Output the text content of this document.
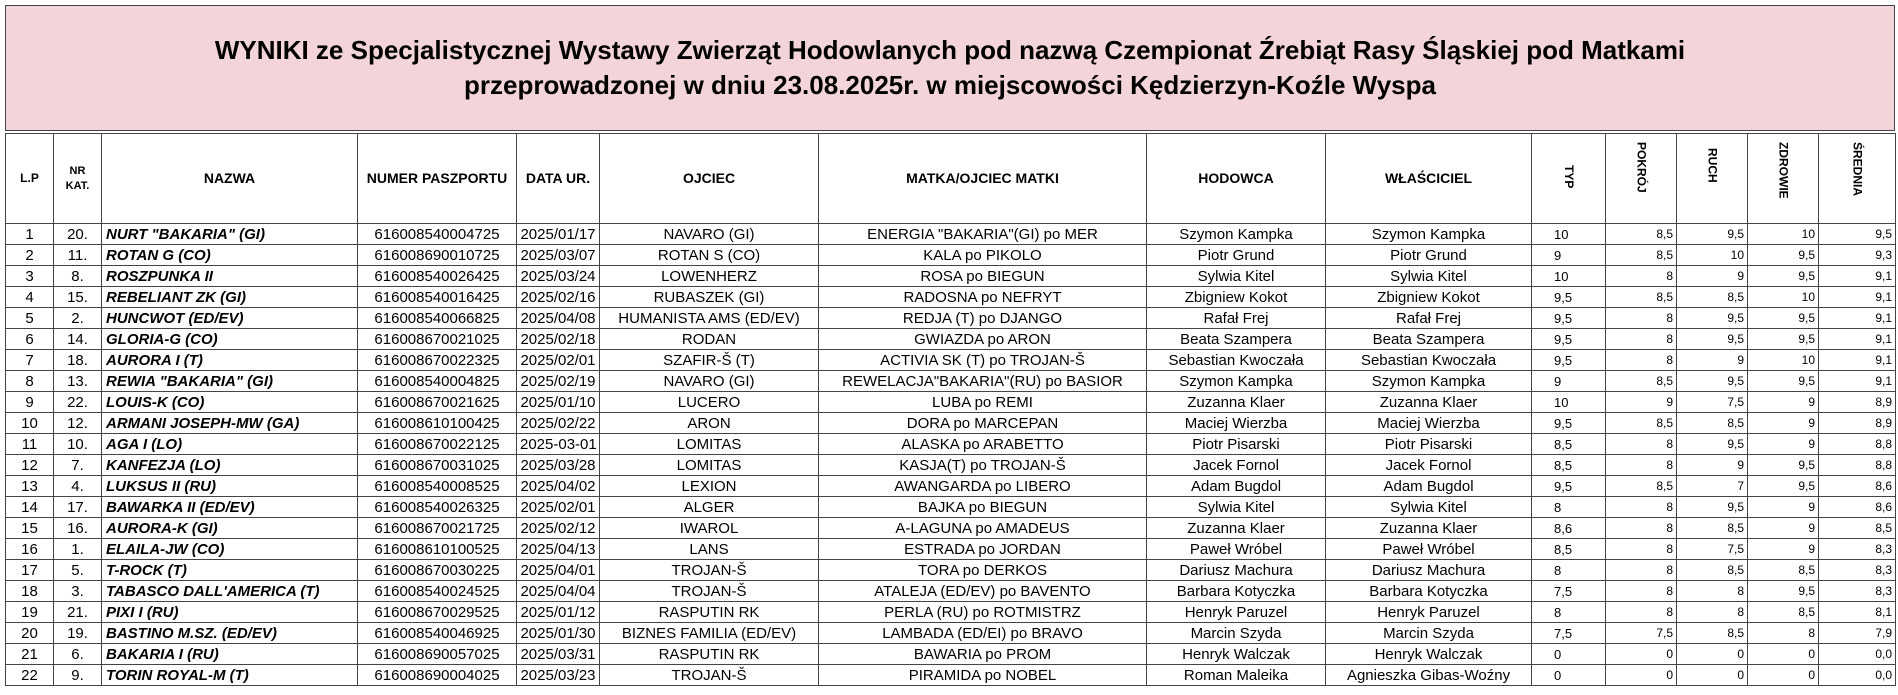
WYNIKI ze Specjalistycznej Wystawy Zwierząt Hodowlanych pod nazwą Czempionat Źrebiąt Rasy Śląskiej pod Matkami
przeprowadzonej w dniu 23.08.2025r. w miejscowości Kędzierzyn-Koźle Wyspa
L.P	NR KAT.	NAZWA	NUMER PASZPORTU	DATA UR.	OJCIEC	MATKA/OJCIEC MATKI	HODOWCA	WŁAŚCICIEL	TYP	POKRÓJ	RUCH	ZDROWIE	ŚREDNIA
1	20.	NURT "BAKARIA" (GI)	616008540004725	2025/01/17	NAVARO (GI)	ENERGIA "BAKARIA"(GI) po MER	Szymon Kampka	Szymon Kampka	10	8,5	9,5	10	9,5
2	11.	ROTAN G (CO)	616008690010725	2025/03/07	ROTAN S (CO)	KALA po PIKOLO	Piotr Grund	Piotr Grund	9	8,5	10	9,5	9,3
3	8.	ROSZPUNKA II	616008540026425	2025/03/24	LOWENHERZ	ROSA po BIEGUN	Sylwia Kitel	Sylwia Kitel	10	8	9	9,5	9,1
4	15.	REBELIANT ZK (GI)	616008540016425	2025/02/16	RUBASZEK (GI)	RADOSNA po NEFRYT	Zbigniew Kokot	Zbigniew Kokot	9,5	8,5	8,5	10	9,1
5	2.	HUNCWOT (ED/EV)	616008540066825	2025/04/08	HUMANISTA AMS (ED/EV)	REDJA (T) po DJANGO	Rafał Frej	Rafał Frej	9,5	8	9,5	9,5	9,1
6	14.	GLORIA-G (CO)	616008670021025	2025/02/18	RODAN	GWIAZDA po ARON	Beata Szampera	Beata Szampera	9,5	8	9,5	9,5	9,1
7	18.	AURORA I (T)	616008670022325	2025/02/01	SZAFIR-Š (T)	ACTIVIA SK (T) po TROJAN-Š	Sebastian Kwoczała	Sebastian Kwoczała	9,5	8	9	10	9,1
8	13.	REWIA "BAKARIA" (GI)	616008540004825	2025/02/19	NAVARO (GI)	REWELACJA"BAKARIA"(RU) po BASIOR	Szymon Kampka	Szymon Kampka	9	8,5	9,5	9,5	9,1
9	22.	LOUIS-K (CO)	616008670021625	2025/01/10	LUCERO	LUBA po REMI	Zuzanna Klaer	Zuzanna Klaer	10	9	7,5	9	8,9
10	12.	ARMANI JOSEPH-MW (GA)	616008610100425	2025/02/22	ARON	DORA po MARCEPAN	Maciej Wierzba	Maciej Wierzba	9,5	8,5	8,5	9	8,9
11	10.	AGA I (LO)	616008670022125	2025-03-01	LOMITAS	ALASKA po ARABETTO	Piotr Pisarski	Piotr Pisarski	8,5	8	9,5	9	8,8
12	7.	KANFEZJA (LO)	616008670031025	2025/03/28	LOMITAS	KASJA(T) po TROJAN-Š	Jacek Fornol	Jacek Fornol	8,5	8	9	9,5	8,8
13	4.	LUKSUS II (RU)	616008540008525	2025/04/02	LEXION	AWANGARDA po LIBERO	Adam Bugdol	Adam Bugdol	9,5	8,5	7	9,5	8,6
14	17.	BAWARKA II (ED/EV)	616008540026325	2025/02/01	ALGER	BAJKA po BIEGUN	Sylwia Kitel	Sylwia Kitel	8	8	9,5	9	8,6
15	16.	AURORA-K (GI)	616008670021725	2025/02/12	IWAROL	A-LAGUNA po AMADEUS	Zuzanna Klaer	Zuzanna Klaer	8,6	8	8,5	9	8,5
16	1.	ELAILA-JW (CO)	616008610100525	2025/04/13	LANS	ESTRADA po JORDAN	Paweł Wróbel	Paweł Wróbel	8,5	8	7,5	9	8,3
17	5.	T-ROCK (T)	616008670030225	2025/04/01	TROJAN-Š	TORA po DERKOS	Dariusz Machura	Dariusz Machura	8	8	8,5	8,5	8,3
18	3.	TABASCO DALL'AMERICA (T)	616008540024525	2025/04/04	TROJAN-Š	ATALEJA (ED/EV) po BAVENTO	Barbara Kotyczka	Barbara Kotyczka	7,5	8	8	9,5	8,3
19	21.	PIXI I (RU)	616008670029525	2025/01/12	RASPUTIN RK	PERLA (RU) po ROTMISTRZ	Henryk Paruzel	Henryk Paruzel	8	8	8	8,5	8,1
20	19.	BASTINO M.SZ. (ED/EV)	616008540046925	2025/01/30	BIZNES FAMILIA (ED/EV)	LAMBADA (ED/EI) po BRAVO	Marcin Szyda	Marcin Szyda	7,5	7,5	8,5	8	7,9
21	6.	BAKARIA I (RU)	616008690057025	2025/03/31	RASPUTIN RK	BAWARIA po PROM	Henryk Walczak	Henryk Walczak	0	0	0	0	0,0
22	9.	TORIN ROYAL-M (T)	616008690004025	2025/03/23	TROJAN-Š	PIRAMIDA po NOBEL	Roman Maleika	Agnieszka Gibas-Woźny	0	0	0	0	0,0
